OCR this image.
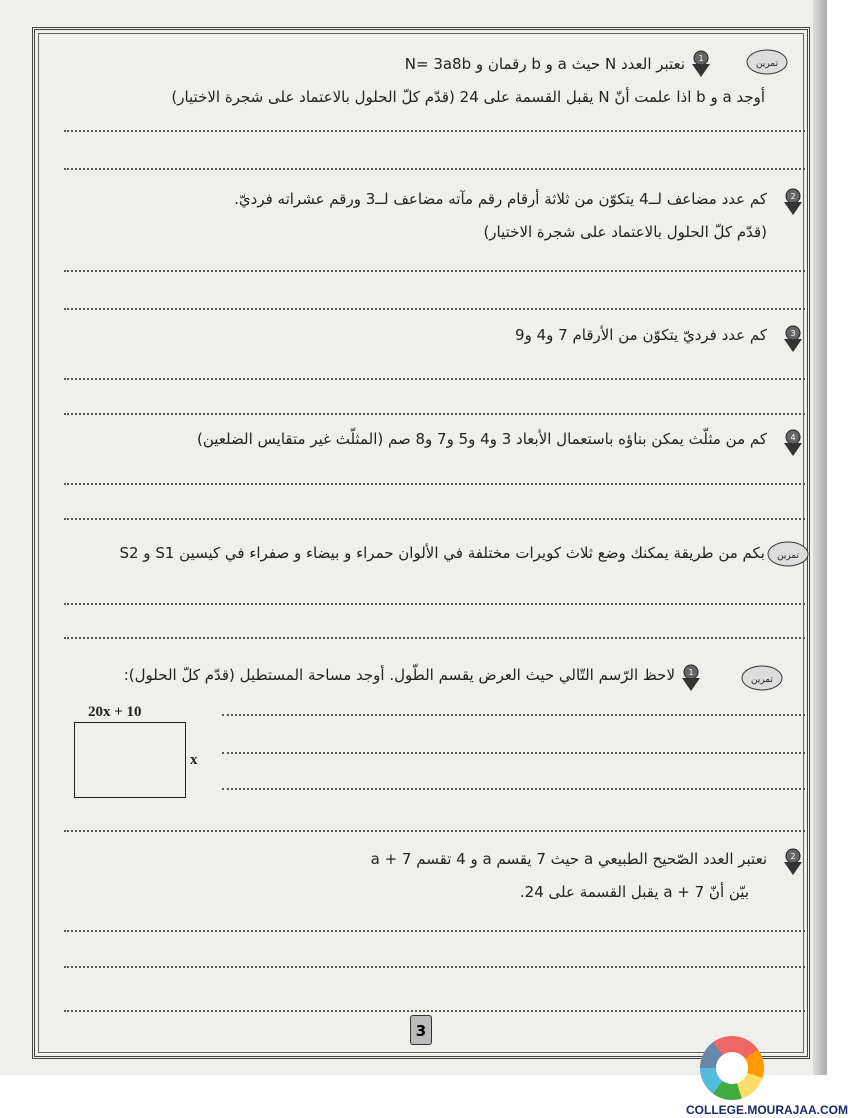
تمرين
1
نعتبر العدد N حيث a و b رقمان و N= 3a8b
أوجد a و b اذا علمت أنّ N يقبل القسمة على 24 (قدّم كلّ الحلول بالاعتماد على شجرة الاختيار)
2
كم عدد مضاعف لــ4 يتكوّن من ثلاثة أرقام رقم مآته مضاعف لــ3 ورقم عشراته فرديّ.
(قدّم كلّ الحلول بالاعتماد على شجرة الاختيار)
3
كم عدد فرديّ يتكوّن من الأرقام 7 و4 و9
4
كم من مثلّث يمكن بناؤه باستعمال الأبعاد 3 و4 و5 و7 و8 صم (المثلّث غير متقايس الضلعين)
تمرين
بكم من طريقة يمكنك وضع ثلاث كويرات مختلفة في الألوان حمراء و بيضاء و صفراء في كيسين S1 و S2
تمرين
1
لاحظ الرّسم التّالي حيث العرض يقسم الطّول. أوجد مساحة المستطيل (قدّم كلّ الحلول):
20x + 10
x
2
نعتبر العدد الصّحيح الطبيعي a حيث 7 يقسم a و 4 تقسم a + 7
بيّن أنّ a + 7 يقبل القسمة على 24.
3
COLLEGE.MOURAJAA.COM
